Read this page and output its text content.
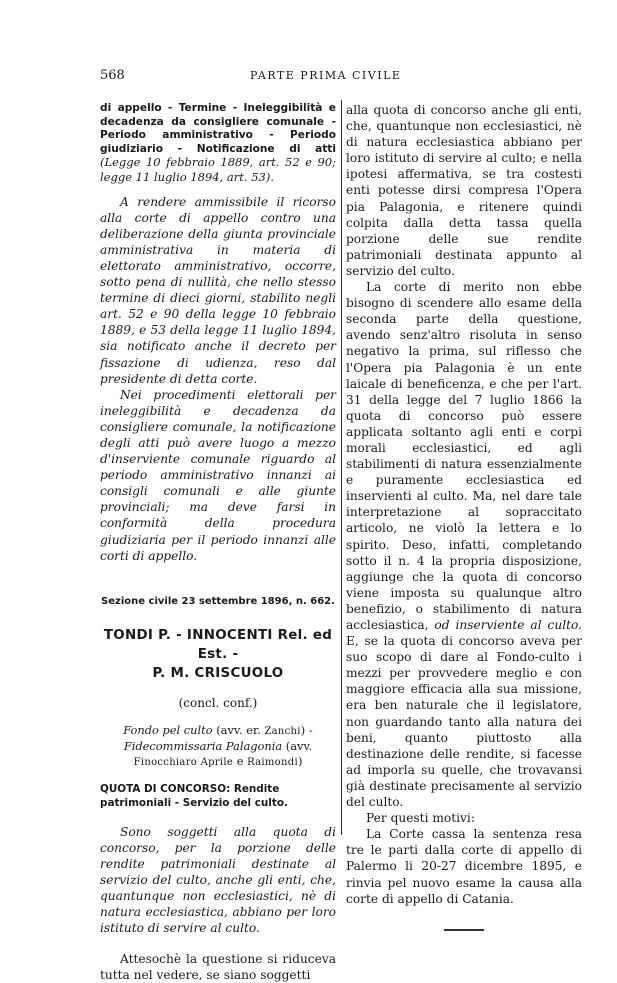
568	PARTE PRIMA CIVILE

di appello - Termine - Ineleggibilità e decadenza da consigliere comunale - Periodo amministrativo - Periodo giudiziario - Notificazione di atti (Legge 10 febbraio 1889, art. 52 e 90; legge 11 luglio 1894, art. 53).

A rendere ammissibile il ricorso alla corte di appello contro una deliberazione della giunta provinciale amministrativa in materia di elettorato amministrativo, occorre, sotto pena di nullità, che nello stesso termine di dieci giorni, stabilito negli art. 52 e 90 della legge 10 febbraio 1889, e 53 della legge 11 luglio 1894, sia notificato anche il decreto per fissazione di udienza, reso dal presidente di detta corte.

Nei procedimenti elettorali per ineleggibilità e decadenza da consigliere comunale, la notificazione degli atti può avere luogo a mezzo d'inserviente comunale riguardo al periodo amministrativo innanzi ai consigli comunali e alle giunte provinciali; ma deve farsi in conformità della procedura giudiziaria per il periodo innanzi alle corti di appello.

Sezione civile 23 settembre 1896, n. 662.

TONDI P. - INNOCENTI Rel. ed Est. -

P. M. CRISCUOLO

(concl. conf.)

Fondo pel culto (avv. er. Zanchi) - Fidecommissaria Palagonia (avv. Finocchiaro Aprile e Raimondi)

QUOTA DI CONCORSO: Rendite patrimoniali - Servizio del culto.

Sono soggetti alla quota di concorso, per la porzione delle rendite patrimoniali destinate al servizio del culto, anche gli enti, che, quantunque non ecclesiastici, nè di natura ecclesiastica, abbiano per loro istituto di servire al culto.

Attesochè la questione si riduceva tutta nel vedere, se siano soggetti

alla quota di concorso anche gli enti, che, quantunque non ecclesiastici, nè di natura ecclesiastica abbiano per loro istituto di servire al culto; e nella ipotesi affermativa, se tra costesti enti potesse dirsi compresa l'Opera pia Palagonia, e ritenere quindi colpita dalla detta tassa quella porzione delle sue rendite patrimoniali destinata appunto al servizio del culto.

La corte di merito non ebbe bisogno di scendere allo esame della seconda parte della questione, avendo senz'altro risoluta in senso negativo la prima, sul riflesso che l'Opera pia Palagonia è un ente laicale di beneficenza, e che per l'art. 31 della legge del 7 luglio 1866 la quota di concorso può essere applicata soltanto agli enti e corpi morali ecclesiastici, ed agli stabilimenti di natura essenzialmente e puramente ecclesiastica ed inservienti al culto. Ma, nel dare tale interpretazione al sopraccitato articolo, ne violò la lettera e lo spirito. Deso, infatti, completando sotto il n. 4 la propria disposizione, aggiunge che la quota di concorso viene imposta su qualunque altro benefizio, o stabilimento di natura acclesiastica, od inserviente al culto. E, se la quota di concorso aveva per suo scopo di dare al Fondo-culto i mezzi per provvedere meglio e con maggiore efficacia alla sua missione, era ben naturale che il legislatore, non guardando tanto alla natura dei beni, quanto piuttosto alla destinazione delle rendite, si facesse ad imporla su quelle, che trovavansi già destinate precisamente al servizio del culto.

Per questi motivi:

La Corte cassa la sentenza resa tre le parti dalla corte di appello di Palermo li 20-27 dicembre 1895, e rinvia pel nuovo esame la causa alla corte di appello di Catania.
